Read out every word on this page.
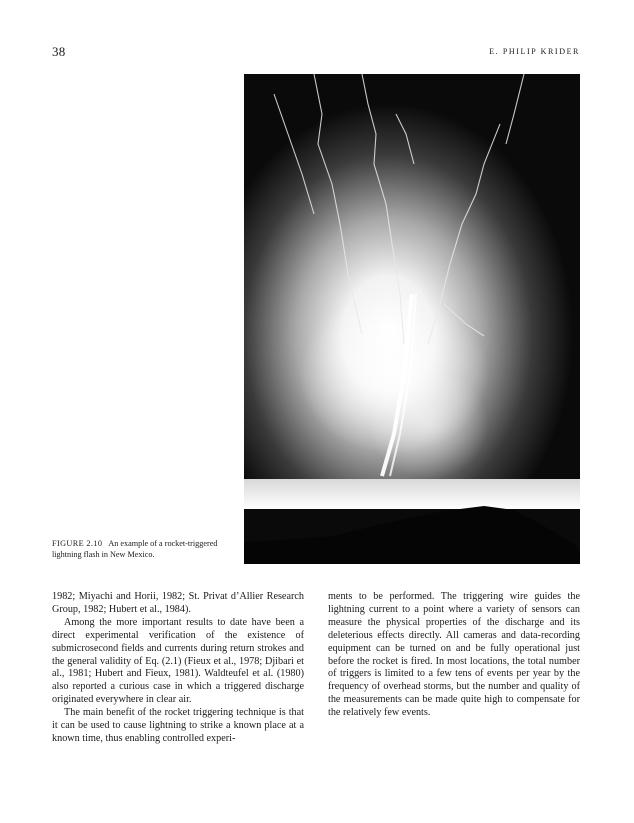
38	E. PHILIP KRIDER
FIGURE 2.10 An example of a rocket-triggered lightning flash in New Mexico.

1982; Miyachi and Horii, 1982; St. Privat d’Allier Research Group, 1982; Hubert et al., 1984).

Among the more important results to date have been a direct experimental verification of the existence of submicrosecond fields and currents during return strokes and the general validity of Eq. (2.1) (Fieux et al., 1978; Djibari et al., 1981; Hubert and Fieux, 1981). Waldteufel et al. (1980) also reported a curious case in which a triggered discharge originated everywhere in clear air.

The main benefit of the rocket triggering technique is that it can be used to cause lightning to strike a known place at a known time, thus enabling controlled experi-

ments to be performed. The triggering wire guides the lightning current to a point where a variety of sensors can measure the physical properties of the discharge and its deleterious effects directly. All cameras and data-recording equipment can be turned on and be fully operational just before the rocket is fired. In most locations, the total number of triggers is limited to a few tens of events per year by the frequency of overhead storms, but the number and quality of the measurements can be made quite high to compensate for the relatively few events.
